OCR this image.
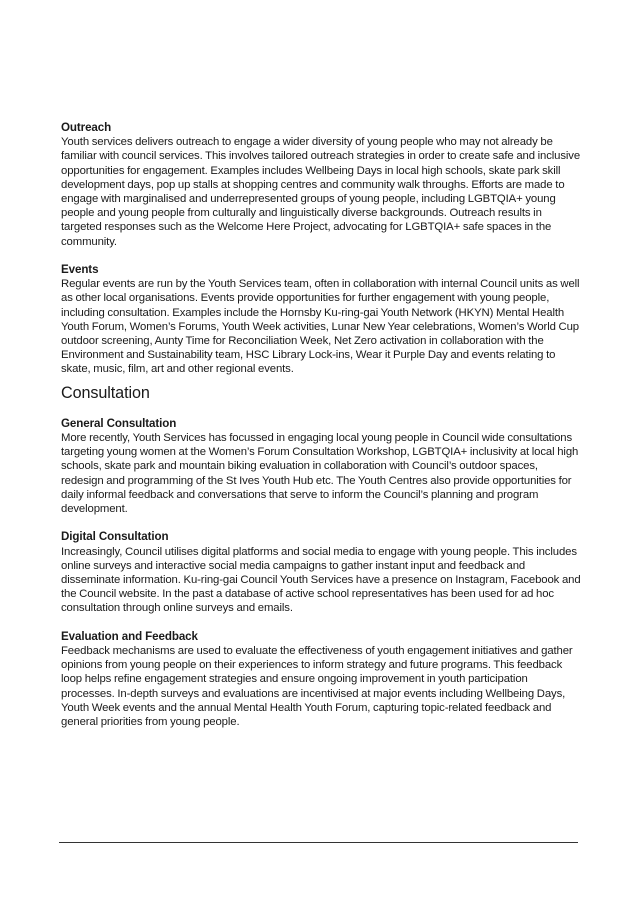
Outreach

Youth services delivers outreach to engage a wider diversity of young people who may not already be familiar with council services. This involves tailored outreach strategies in order to create safe and inclusive opportunities for engagement. Examples includes Wellbeing Days in local high schools, skate park skill development days, pop up stalls at shopping centres and community walk throughs. Efforts are made to engage with marginalised and underrepresented groups of young people, including LGBTQIA+ young people and young people from culturally and linguistically diverse backgrounds. Outreach results in targeted responses such as the Welcome Here Project, advocating for LGBTQIA+ safe spaces in the community.

Events

Regular events are run by the Youth Services team, often in collaboration with internal Council units as well as other local organisations. Events provide opportunities for further engagement with young people, including consultation. Examples include the Hornsby Ku-ring-gai Youth Network (HKYN) Mental Health Youth Forum, Women’s Forums, Youth Week activities, Lunar New Year celebrations, Women’s World Cup outdoor screening, Aunty Time for Reconciliation Week, Net Zero activation in collaboration with the Environment and Sustainability team, HSC Library Lock-ins, Wear it Purple Day and events relating to skate, music, film, art and other regional events.

Consultation
General Consultation

More recently, Youth Services has focussed in engaging local young people in Council wide consultations targeting young women at the Women’s Forum Consultation Workshop, LGBTQIA+ inclusivity at local high schools, skate park and mountain biking evaluation in collaboration with Council’s outdoor spaces, redesign and programming of the St Ives Youth Hub etc. The Youth Centres also provide opportunities for daily informal feedback and conversations that serve to inform the Council’s planning and program development.

Digital Consultation

Increasingly, Council utilises digital platforms and social media to engage with young people. This includes online surveys and interactive social media campaigns to gather instant input and feedback and disseminate information. Ku-ring-gai Council Youth Services have a presence on Instagram, Facebook and the Council website. In the past a database of active school representatives has been used for ad hoc consultation through online surveys and emails.

Evaluation and Feedback

Feedback mechanisms are used to evaluate the effectiveness of youth engagement initiatives and gather opinions from young people on their experiences to inform strategy and future programs. This feedback loop helps refine engagement strategies and ensure ongoing improvement in youth participation processes. In-depth surveys and evaluations are incentivised at major events including Wellbeing Days, Youth Week events and the annual Mental Health Youth Forum, capturing topic-related feedback and general priorities from young people.
